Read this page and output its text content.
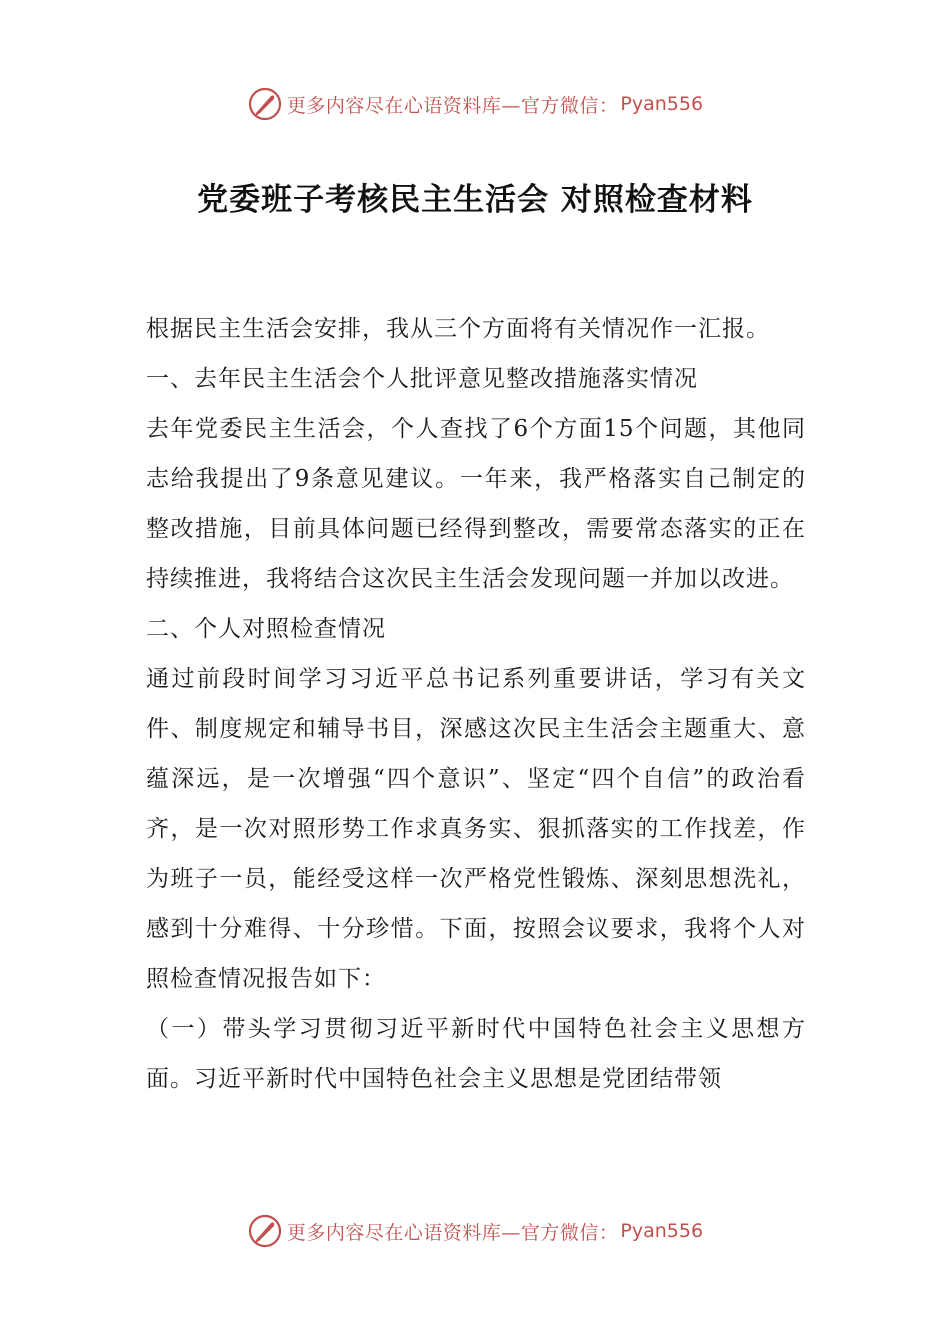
更多内容尽在心语资料库—官方微信： Pyan556
党委班子考核民主生活会 对照检查材料

根据民主生活会安排，我从三个方面将有关情况作一汇报。

一、去年民主生活会个人批评意见整改措施落实情况

去年党委民主生活会，个人查找了6个方面15个问题，其他同志给我提出了9条意见建议。一年来，我严格落实自己制定的整改措施，目前具体问题已经得到整改，需要常态落实的正在持续推进，我将结合这次民主生活会发现问题一并加以改进。

二、个人对照检查情况

通过前段时间学习习近平总书记系列重要讲话，学习有关文件、制度规定和辅导书目，深感这次民主生活会主题重大、意蕴深远，是一次增强“四个意识”、坚定“四个自信”的政治看齐，是一次对照形势工作求真务实、狠抓落实的工作找差，作为班子一员，能经受这样一次严格党性锻炼、深刻思想洗礼，感到十分难得、十分珍惜。下面，按照会议要求，我将个人对照检查情况报告如下：

（一）带头学习贯彻习近平新时代中国特色社会主义思想方面。习近平新时代中国特色社会主义思想是党团结带领

更多内容尽在心语资料库—官方微信： Pyan556
